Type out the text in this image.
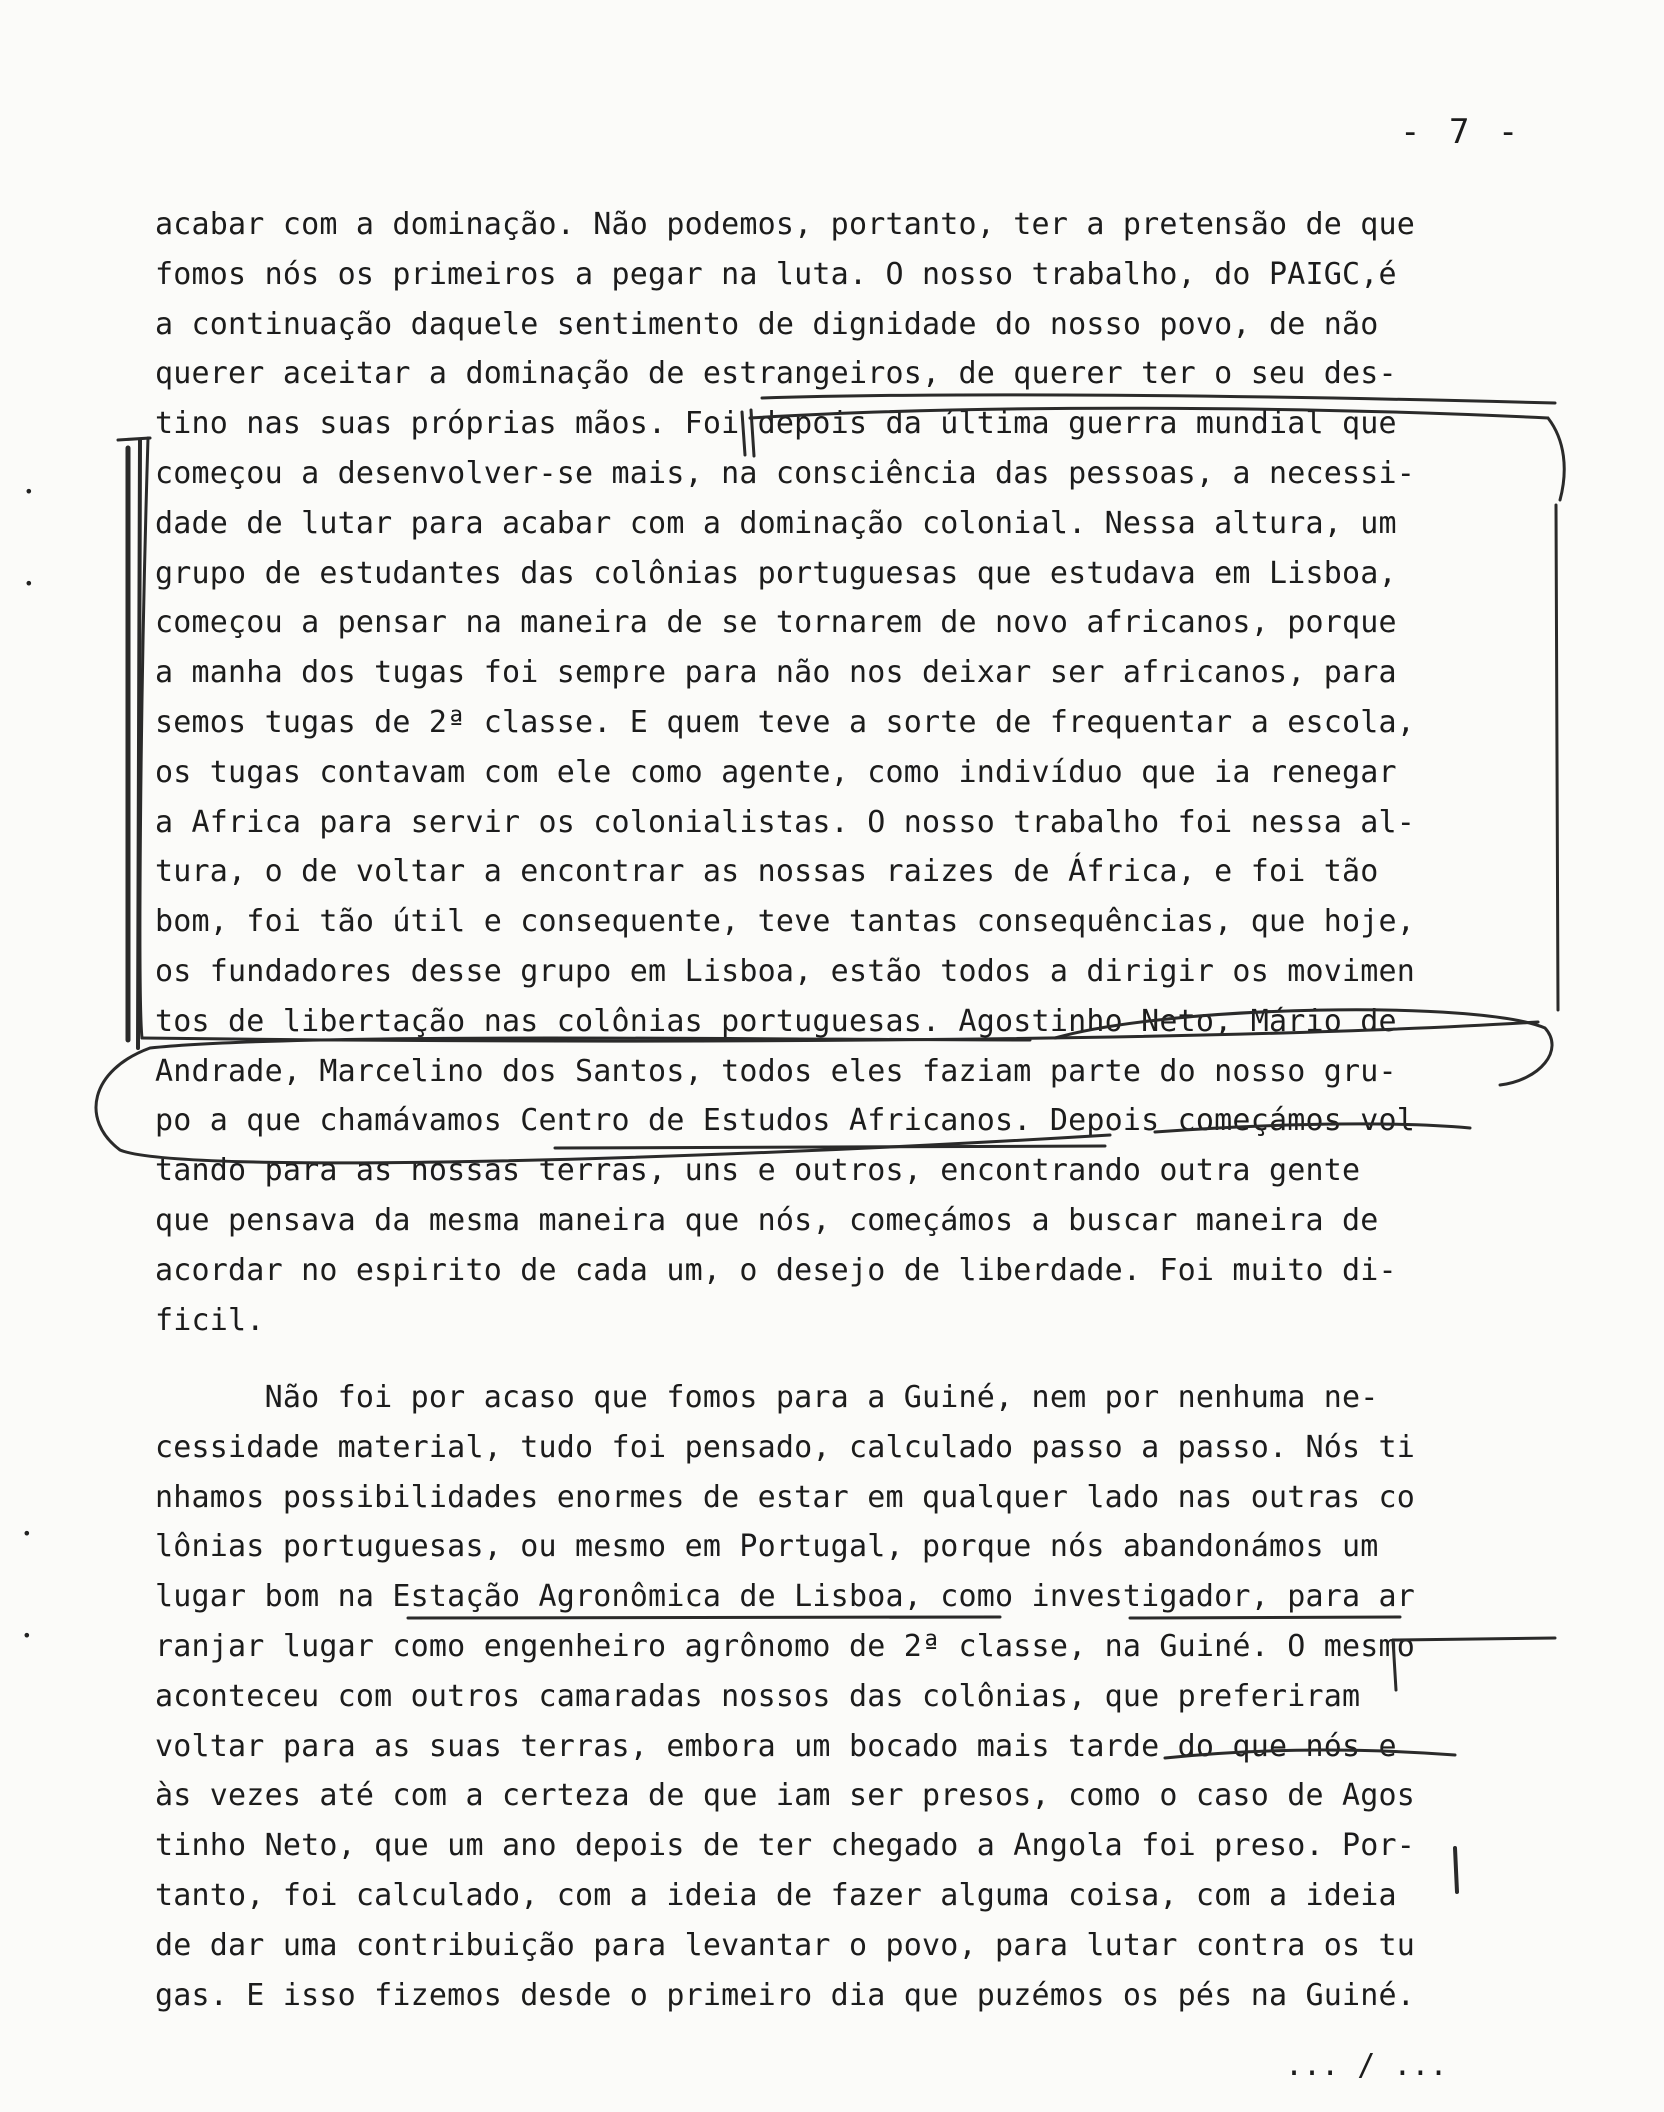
- 7 -
acabar com a dominação. Não podemos, portanto, ter a pretensão de que
fomos nós os primeiros a pegar na luta. O nosso trabalho, do PAIGC,é
a continuação daquele sentimento de dignidade do nosso povo, de não
querer aceitar a dominação de estrangeiros, de querer ter o seu des-
tino nas suas próprias mãos. Foi depois da última guerra mundial que
começou a desenvolver-se mais, na consciência das pessoas, a necessi-
dade de lutar para acabar com a dominação colonial. Nessa altura, um
grupo de estudantes das colônias portuguesas que estudava em Lisboa,
começou a pensar na maneira de se tornarem de novo africanos, porque
a manha dos tugas foi sempre para não nos deixar ser africanos, para
semos tugas de 2ª classe. E quem teve a sorte de frequentar a escola,
os tugas contavam com ele como agente, como indivíduo que ia renegar
a Africa para servir os colonialistas. O nosso trabalho foi nessa al-
tura, o de voltar a encontrar as nossas raizes de África, e foi tão
bom, foi tão útil e consequente, teve tantas consequências, que hoje,
os fundadores desse grupo em Lisboa, estão todos a dirigir os movimen
tos de libertação nas colônias portuguesas. Agostinho Neto, Mário de
Andrade, Marcelino dos Santos, todos eles faziam parte do nosso gru-
po a que chamávamos Centro de Estudos Africanos. Depois começámos vol
tando para as nossas terras, uns e outros, encontrando outra gente
que pensava da mesma maneira que nós, começámos a buscar maneira de
acordar no espirito de cada um, o desejo de liberdade. Foi muito di-
ficil.
Não foi por acaso que fomos para a Guiné, nem por nenhuma ne-
cessidade material, tudo foi pensado, calculado passo a passo. Nós ti
nhamos possibilidades enormes de estar em qualquer lado nas outras co
lônias portuguesas, ou mesmo em Portugal, porque nós abandonámos um
lugar bom na Estação Agronômica de Lisboa, como investigador, para ar
ranjar lugar como engenheiro agrônomo de 2ª classe, na Guiné. O mesmo
aconteceu com outros camaradas nossos das colônias, que preferiram
voltar para as suas terras, embora um bocado mais tarde do que nós e
às vezes até com a certeza de que iam ser presos, como o caso de Agos
tinho Neto, que um ano depois de ter chegado a Angola foi preso. Por-
tanto, foi calculado, com a ideia de fazer alguma coisa, com a ideia
de dar uma contribuição para levantar o povo, para lutar contra os tu
gas. E isso fizemos desde o primeiro dia que puzémos os pés na Guiné.
... / ...
•
•
•
•
